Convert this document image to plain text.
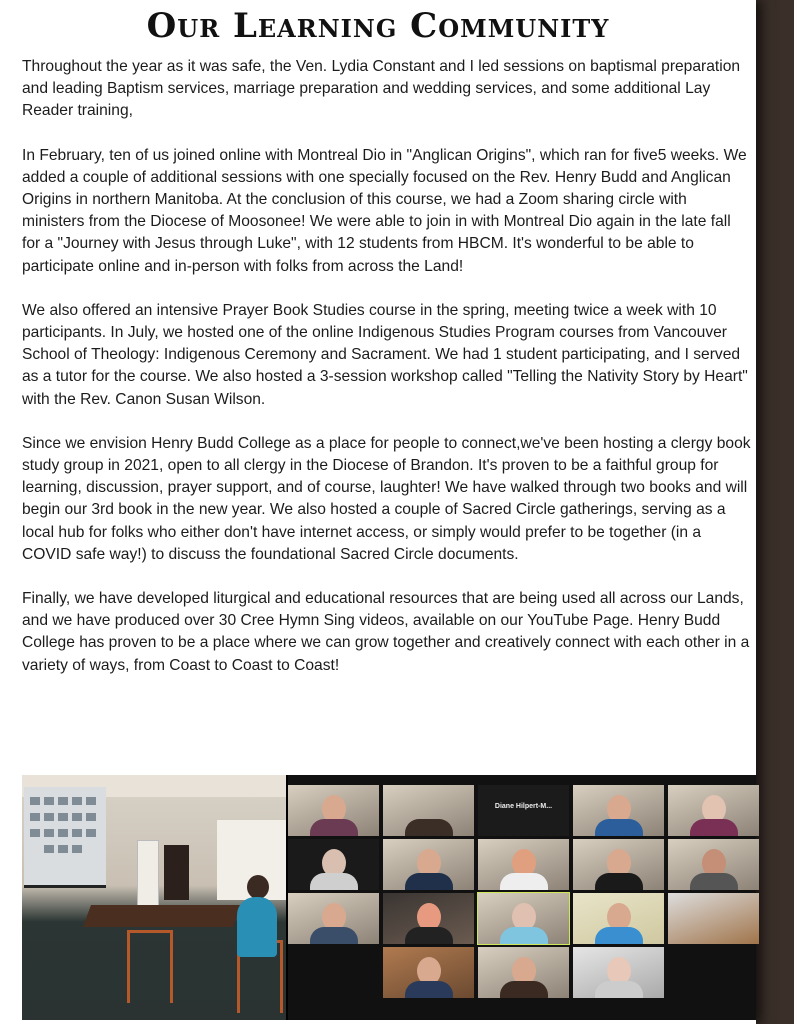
Our Learning Community

Throughout the year as it was safe, the Ven. Lydia Constant and I led sessions on baptismal preparation and leading Baptism services, marriage preparation and wedding services, and some additional Lay Reader training,

In February, ten of us joined online with Montreal Dio in "Anglican Origins", which ran for five5 weeks. We added a couple of additional sessions with one specially focused on the Rev. Henry Budd and Anglican Origins in northern Manitoba. At the conclusion of this course, we had a Zoom sharing circle with ministers from the Diocese of Moosonee! We were able to join in with Montreal Dio again in the late fall for a "Journey with Jesus through Luke", with 12 students from HBCM. It's wonderful to be able to participate online and in-person with folks from across the Land!

We also offered an intensive Prayer Book Studies course in the spring, meeting twice a week with 10 participants. In July, we hosted one of the online Indigenous Studies Program courses from Vancouver School of Theology: Indigenous Ceremony and Sacrament. We had 1 student participating, and I served as a tutor for the course. We also hosted a 3-session workshop called "Telling the Nativity Story by Heart" with the Rev. Canon Susan Wilson.

Since we envision Henry Budd College as a place for people to connect,we've been hosting a clergy book study group in 2021, open to all clergy in the Diocese of Brandon. It's proven to be a faithful group for learning, discussion, prayer support, and of course, laughter! We have walked through two books and will begin our 3rd book in the new year. We also hosted a couple of Sacred Circle gatherings, serving as a local hub for folks who either don't have internet access, or simply would prefer to be together (in a COVID safe way!) to discuss the foundational Sacred Circle documents.

Finally, we have developed liturgical and educational resources that are being used all across our Lands, and we have produced over 30 Cree Hymn Sing videos, available on our YouTube Page. Henry Budd College has proven to be a place where we can grow together and creatively connect with each other in a variety of ways, from Coast to Coast to Coast!

Diane Hilpert-M...
